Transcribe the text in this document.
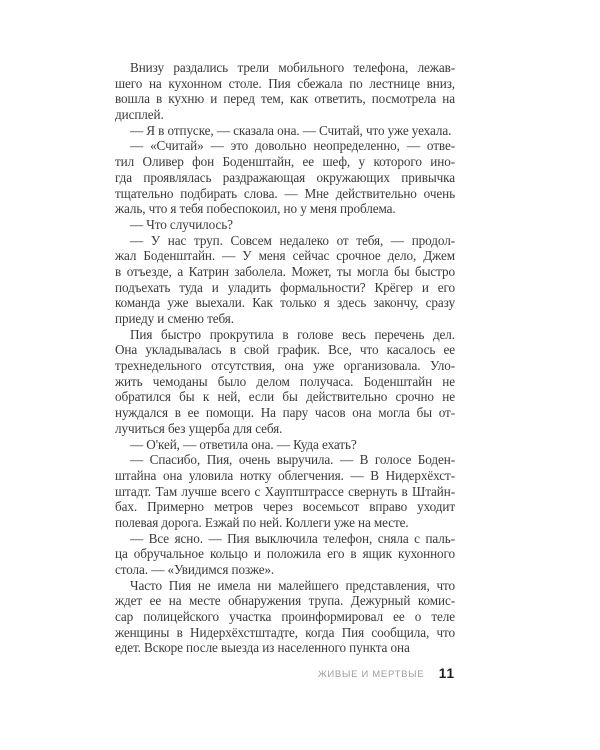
Внизу раздались трели мобильного телефона, лежав-
шего на кухонном столе. Пия сбежала по лестнице вниз,
вошла в кухню и перед тем, как ответить, посмотрела на
дисплей.
— Я в отпуске, — сказала она. — Считай, что уже уехала.
— «Считай» — это довольно неопределенно, — отве-
тил Оливер фон Боденштайн, ее шеф, у которого ино-
гда проявлялась раздражающая окружающих привычка
тщательно подбирать слова. — Мне действительно очень
жаль, что я тебя побеспокоил, но у меня проблема.
— Что случилось?
— У нас труп. Совсем недалеко от тебя, — продол-
жал Боденштайн. — У меня сейчас срочное дело, Джем
в отъезде, а Катрин заболела. Может, ты могла бы быстро
подъехать туда и уладить формальности? Крёгер и его
команда уже выехали. Как только я здесь закончу, сразу
приеду и сменю тебя.
Пия быстро прокрутила в голове весь перечень дел.
Она укладывалась в свой график. Все, что касалось ее
трехнедельного отсутствия, она уже организовала. Уло-
жить чемоданы было делом получаса. Боденштайн не
обратился бы к ней, если бы действительно срочно не
нуждался в ее помощи. На пару часов она могла бы от-
лучиться без ущерба для себя.
— О'кей, — ответила она. — Куда ехать?
— Спасибо, Пия, очень выручила. — В голосе Боден-
штайна она уловила нотку облегчения. — В Нидерхёхст-
штадт. Там лучше всего с Хауптштрассе свернуть в Штайн-
бах. Примерно метров через восемьсот вправо уходит
полевая дорога. Езжай по ней. Коллеги уже на месте.
— Все ясно. — Пия выключила телефон, сняла с паль-
ца обручальное кольцо и положила его в ящик кухонного
стола. — «Увидимся позже».
Часто Пия не имела ни малейшего представления, что
ждет ее на месте обнаружения трупа. Дежурный комис-
сар полицейского участка проинформировал ее о теле
женщины в Нидерхёхстштадте, когда Пия сообщила, что
едет. Вскоре после выезда из населенного пункта она
ЖИВЫЕ И МЕРТВЫЕ 11
